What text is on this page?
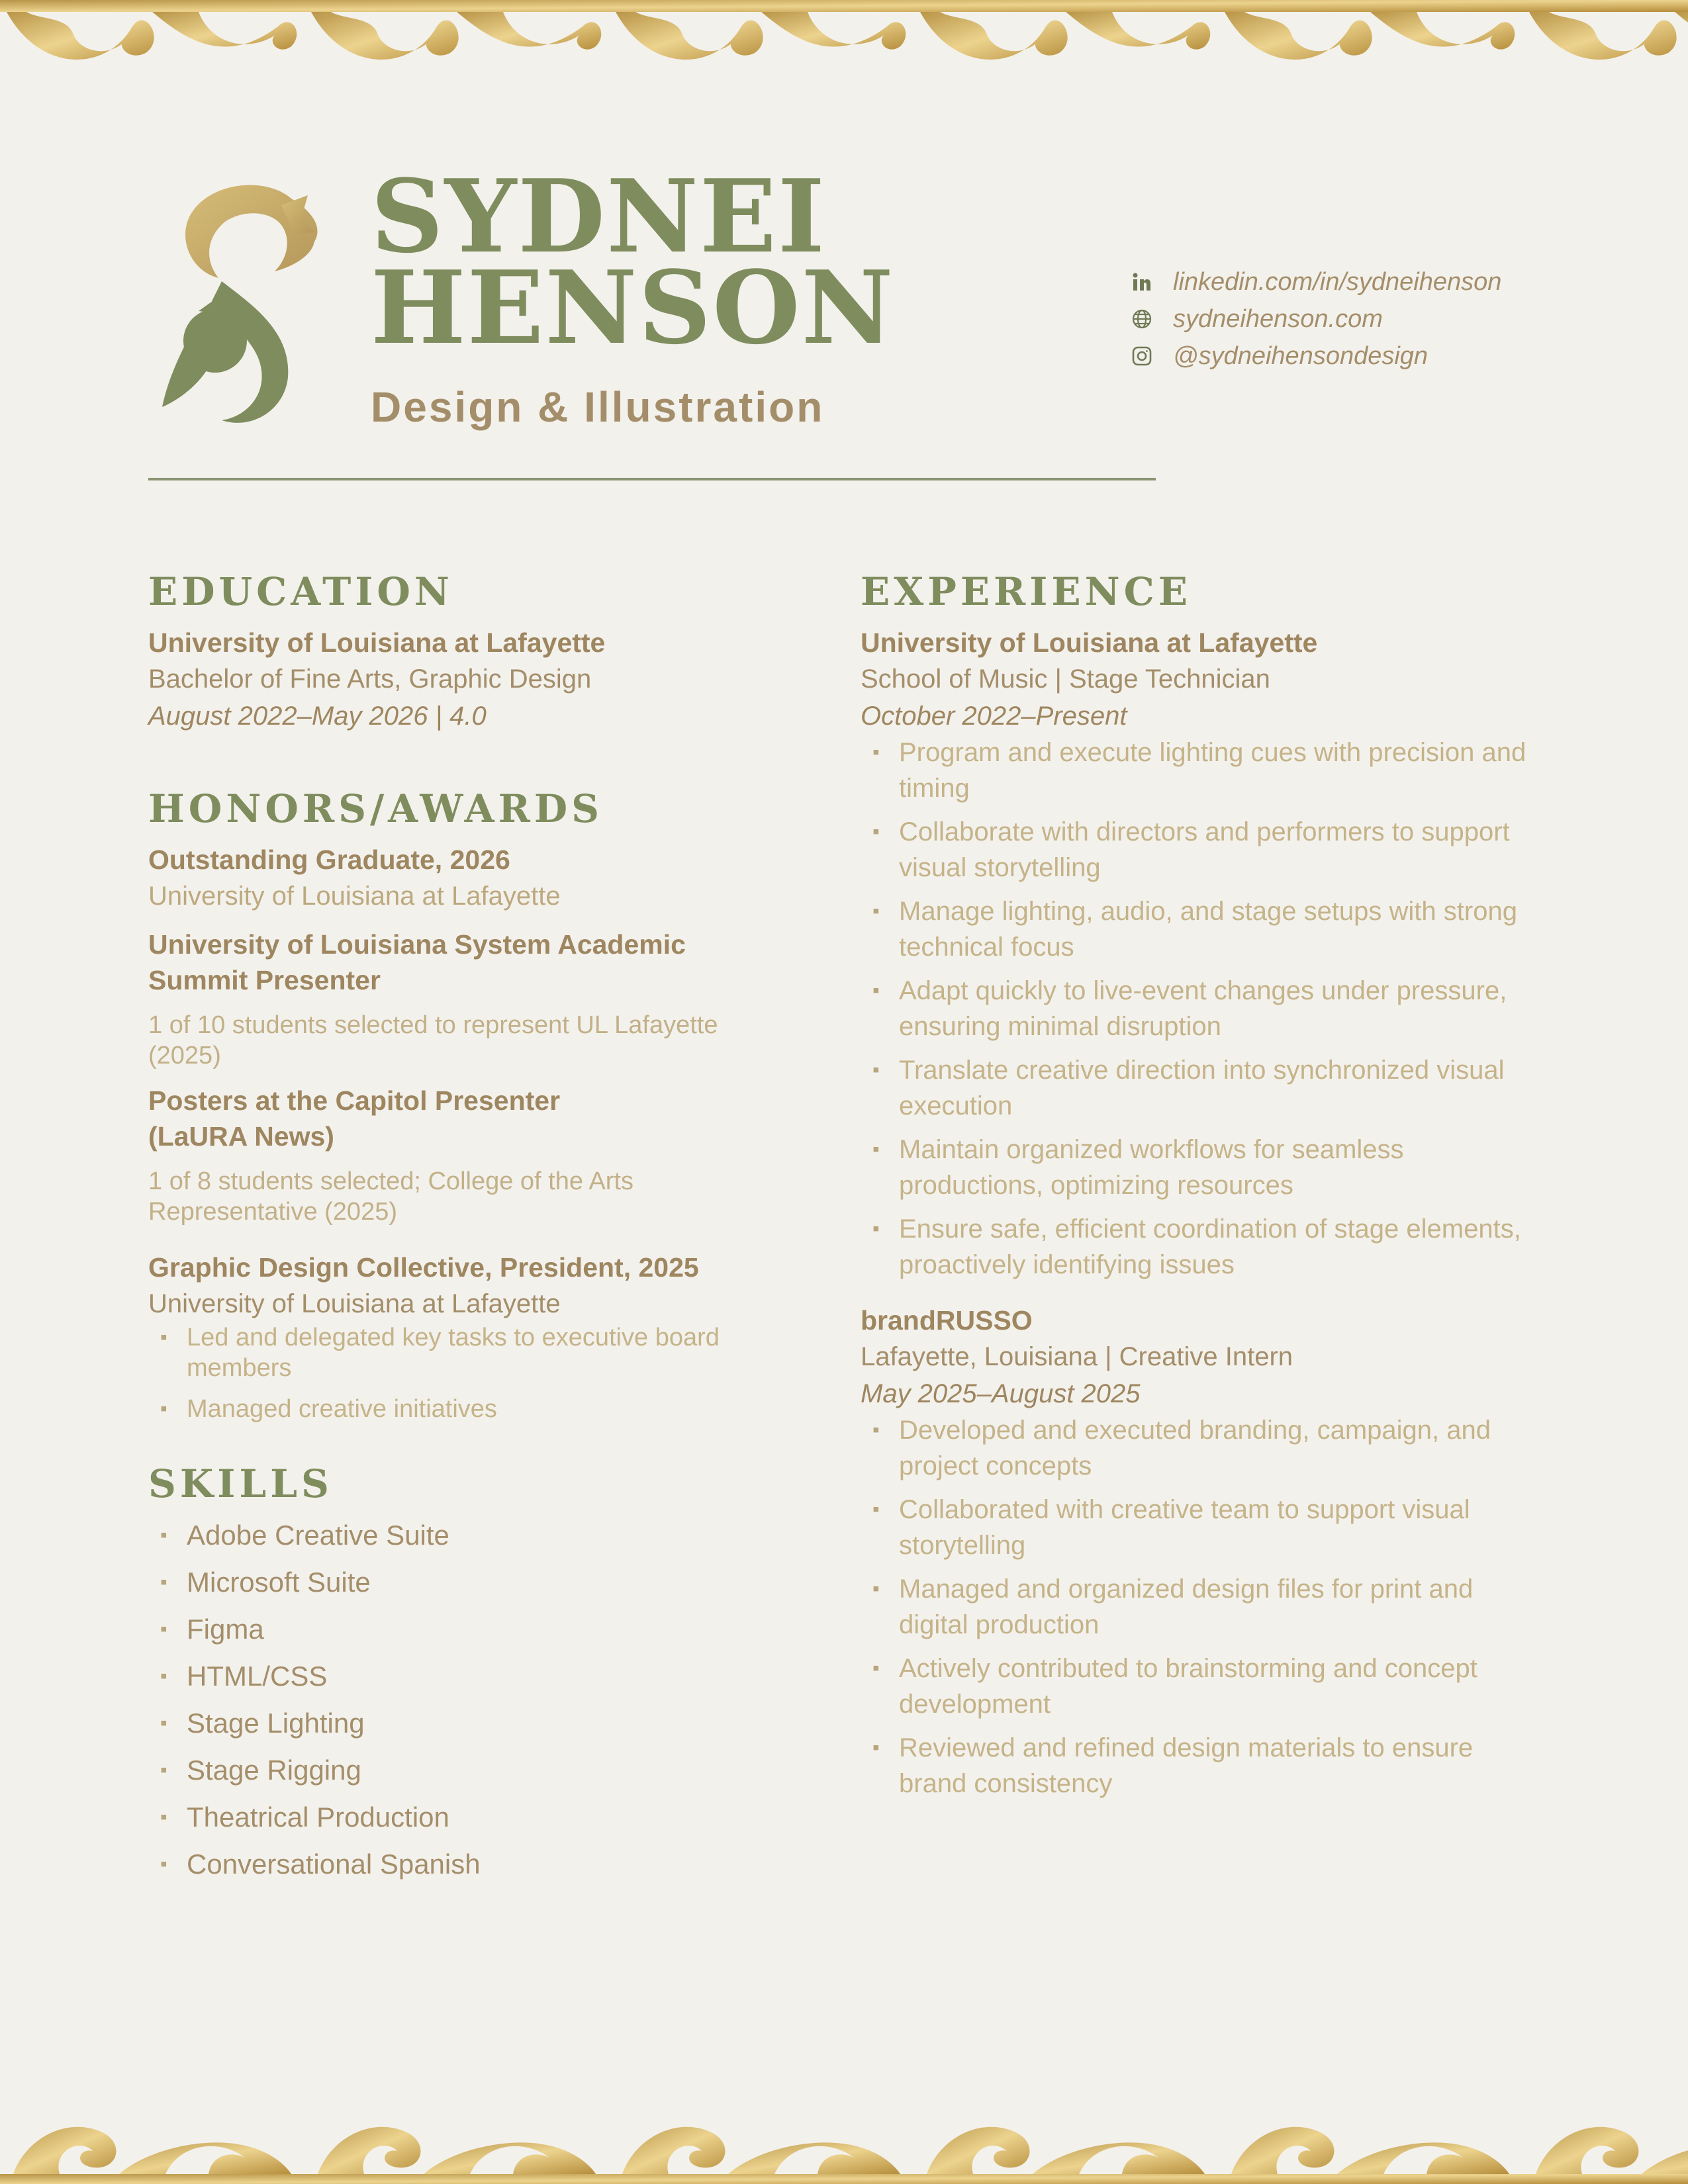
SYDNEI
HENSON
Design & Illustration
linkedin.com/in/sydneihenson
sydneihenson.com
@sydneihensondesign
EDUCATION
University of Louisiana at Lafayette
Bachelor of Fine Arts, Graphic Design
August 2022–May 2026 | 4.0
HONORS/AWARDS
Outstanding Graduate, 2026
University of Louisiana at Lafayette
University of Louisiana System Academic Summit Presenter
1 of 10 students selected to represent UL Lafayette (2025)
Posters at the Capitol Presenter (LaURA News)
1 of 8 students selected; College of the Arts Representative (2025)
Graphic Design Collective, President, 2025
University of Louisiana at Lafayette
▪ Led and delegated key tasks to executive board members
▪ Managed creative initiatives
SKILLS
▪ Adobe Creative Suite
▪ Microsoft Suite
▪ Figma
▪ HTML/CSS
▪ Stage Lighting
▪ Stage Rigging
▪ Theatrical Production
▪ Conversational Spanish
EXPERIENCE
University of Louisiana at Lafayette
School of Music | Stage Technician
October 2022–Present
▪ Program and execute lighting cues with precision and timing
▪ Collaborate with directors and performers to support visual storytelling
▪ Manage lighting, audio, and stage setups with strong technical focus
▪ Adapt quickly to live-event changes under pressure, ensuring minimal disruption
▪ Translate creative direction into synchronized visual execution
▪ Maintain organized workflows for seamless productions, optimizing resources
▪ Ensure safe, efficient coordination of stage elements, proactively identifying issues
brandRUSSO
Lafayette, Louisiana | Creative Intern
May 2025–August 2025
▪ Developed and executed branding, campaign, and project concepts
▪ Collaborated with creative team to support visual storytelling
▪ Managed and organized design files for print and digital production
▪ Actively contributed to brainstorming and concept development
▪ Reviewed and refined design materials to ensure brand consistency
